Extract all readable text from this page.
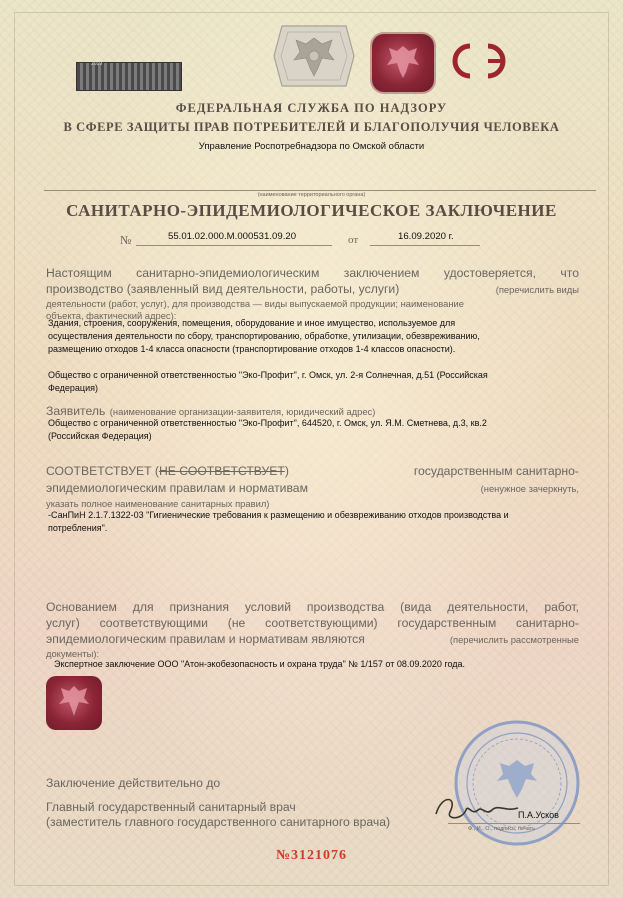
2019
ФЕДЕРАЛЬНАЯ СЛУЖБА ПО НАДЗОРУ
В СФЕРЕ ЗАЩИТЫ ПРАВ ПОТРЕБИТЕЛЕЙ И БЛАГОПОЛУЧИЯ ЧЕЛОВЕКА
Управление Роспотребнадзора по Омской области
(наименование территориального органа)
САНИТАРНО-ЭПИДЕМИОЛОГИЧЕСКОЕ ЗАКЛЮЧЕНИЕ
№	55.01.02.000.М.000531.09.20	от	16.09.2020 г.
Настоящим санитарно-эпидемиологическим заключением удостоверяется, что
производство (заявленный вид деятельности, работы, услуги)	(перечислить виды
деятельности (работ, услуг), для производства — виды выпускаемой продукции; наименование
объекта, фактический адрес):
Здания, строения, сооружения, помещения, оборудование и иное имущество, используемое для
осуществления деятельности по сбору, транспортированию, обработке, утилизации, обезвреживанию,
размещению отходов 1-4 класса опасности (транспортирование отходов 1-4 классов опасности).
Общество с ограниченной ответственностью "Эко-Профит", г. Омск, ул. 2-я Солнечная, д.51 (Российская
Федерация)
Заявитель (наименование организации-заявителя, юридический адрес)
Общество с ограниченной ответственностью "Эко-Профит", 644520, г. Омск, ул. Я.М. Сметнева, д.3, кв.2
(Российская Федерация)
СООТВЕТСТВУЕТ (НЕ СООТВЕТСТВУЕТ)	государственным санитарно-
эпидемиологическим правилам и нормативам	(ненужное зачеркнуть,
указать полное наименование санитарных правил)
-СанПиН 2.1.7.1322-03 "Гигиенические требования к размещению и обезвреживанию отходов производства и
потребления".
Основанием для признания условий производства (вида деятельности, работ,
услуг) соответствующими (не соответствующими) государственным санитарно-
эпидемиологическим правилам и нормативам являются	(перечислить рассмотренные
документы):
Экспертное заключение ООО "Атон-экобезопасность и охрана труда" № 1/157 от 08.09.2020 года.
Заключение действительно до
Главный государственный санитарный врач
(заместитель главного государственного санитарного врача)	П.А.Усков
Ф., И., О., подпись, печать
№3121076
